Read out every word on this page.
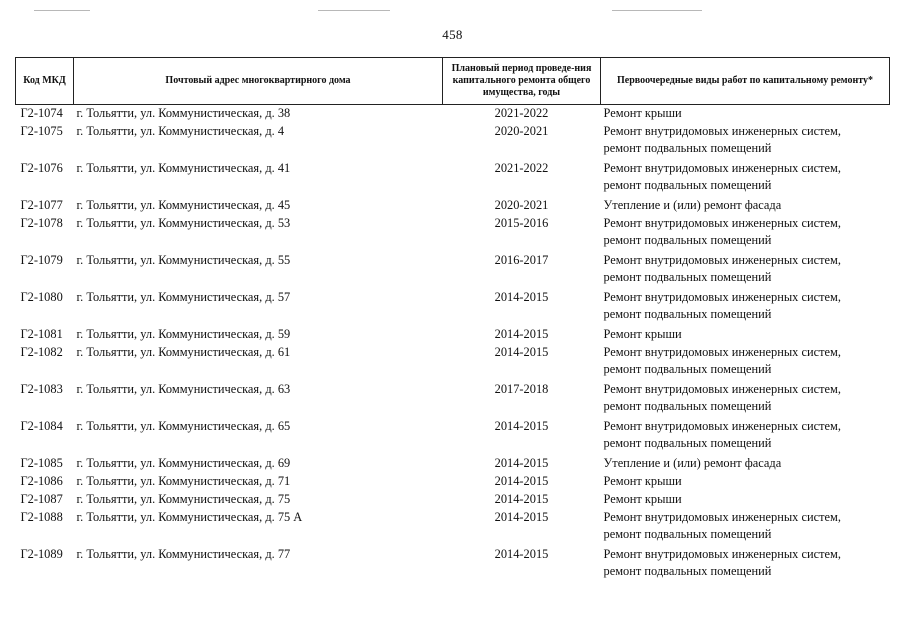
458
Код МКД	Почтовый адрес многоквартирного дома	Плановый период проведе-ния капитального ремонта общего имущества, годы	Первоочередные виды работ по капитальному ремонту*
Г2-1074	г. Тольятти, ул. Коммунистическая, д. 38	2021-2022	Ремонт крыши

Г2-1075	г. Тольятти, ул. Коммунистическая, д. 4	2020-2021	Ремонт внутридомовых инженерных систем,
ремонт подвальных помещений

Г2-1076	г. Тольятти, ул. Коммунистическая, д. 41	2021-2022	Ремонт внутридомовых инженерных систем,
ремонт подвальных помещений

Г2-1077	г. Тольятти, ул. Коммунистическая, д. 45	2020-2021	Утепление и (или) ремонт фасада

Г2-1078	г. Тольятти, ул. Коммунистическая, д. 53	2015-2016	Ремонт внутридомовых инженерных систем,
ремонт подвальных помещений

Г2-1079	г. Тольятти, ул. Коммунистическая, д. 55	2016-2017	Ремонт внутридомовых инженерных систем,
ремонт подвальных помещений

Г2-1080	г. Тольятти, ул. Коммунистическая, д. 57	2014-2015	Ремонт внутридомовых инженерных систем,
ремонт подвальных помещений

Г2-1081	г. Тольятти, ул. Коммунистическая, д. 59	2014-2015	Ремонт крыши

Г2-1082	г. Тольятти, ул. Коммунистическая, д. 61	2014-2015	Ремонт внутридомовых инженерных систем,
ремонт подвальных помещений

Г2-1083	г. Тольятти, ул. Коммунистическая, д. 63	2017-2018	Ремонт внутридомовых инженерных систем,
ремонт подвальных помещений

Г2-1084	г. Тольятти, ул. Коммунистическая, д. 65	2014-2015	Ремонт внутридомовых инженерных систем,
ремонт подвальных помещений

Г2-1085	г. Тольятти, ул. Коммунистическая, д. 69	2014-2015	Утепление и (или) ремонт фасада

Г2-1086	г. Тольятти, ул. Коммунистическая, д. 71	2014-2015	Ремонт крыши

Г2-1087	г. Тольятти, ул. Коммунистическая, д. 75	2014-2015	Ремонт крыши

Г2-1088	г. Тольятти, ул. Коммунистическая, д. 75 А	2014-2015	Ремонт внутридомовых инженерных систем,
ремонт подвальных помещений

Г2-1089	г. Тольятти, ул. Коммунистическая, д. 77	2014-2015	Ремонт внутридомовых инженерных систем,
ремонт подвальных помещений
